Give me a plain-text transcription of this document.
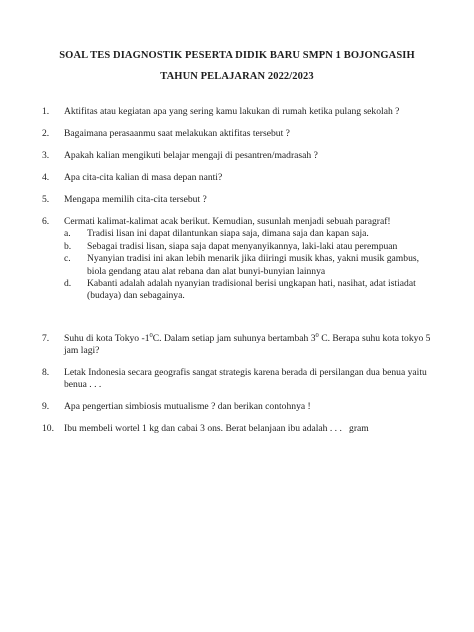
SOAL TES DIAGNOSTIK PESERTA DIDIK BARU SMPN 1 BOJONGASIH
TAHUN PELAJARAN 2022/2023
1. Aktifitas atau kegiatan apa yang sering kamu lakukan di rumah ketika pulang sekolah ?
2. Bagaimana perasaanmu saat melakukan aktifitas tersebut ?
3. Apakah kalian mengikuti belajar mengaji di pesantren/madrasah ?
4. Apa cita-cita kalian di masa depan nanti?
5. Mengapa memilih cita-cita tersebut ?
6. Cermati kalimat-kalimat acak berikut. Kemudian, susunlah menjadi sebuah paragraf!
a. Tradisi lisan ini dapat dilantunkan siapa saja, dimana saja dan kapan saja.
b. Sebagai tradisi lisan, siapa saja dapat menyanyikannya, laki-laki atau perempuan
c. Nyanyian tradisi ini akan lebih menarik jika diiringi musik khas, yakni musik gambus, biola gendang atau alat rebana dan alat bunyi-bunyian lainnya
d. Kabanti adalah adalah nyanyian tradisional berisi ungkapan hati, nasihat, adat istiadat (budaya) dan sebagainya.
7. Suhu di kota Tokyo $-1^0C$. Dalam setiap jam suhunya bertambah $3^0$ C. Berapa suhu kota tokyo 5 jam lagi?
8. Letak Indonesia secara geografis sangat strategis karena berada di persilangan dua benua yaitu benua . . .
9. Apa pengertian simbiosis mutualisme ? dan berikan contohnya !
10. Ibu membeli wortel 1 kg dan cabai 3 ons. Berat belanjaan ibu adalah . . .   gram
